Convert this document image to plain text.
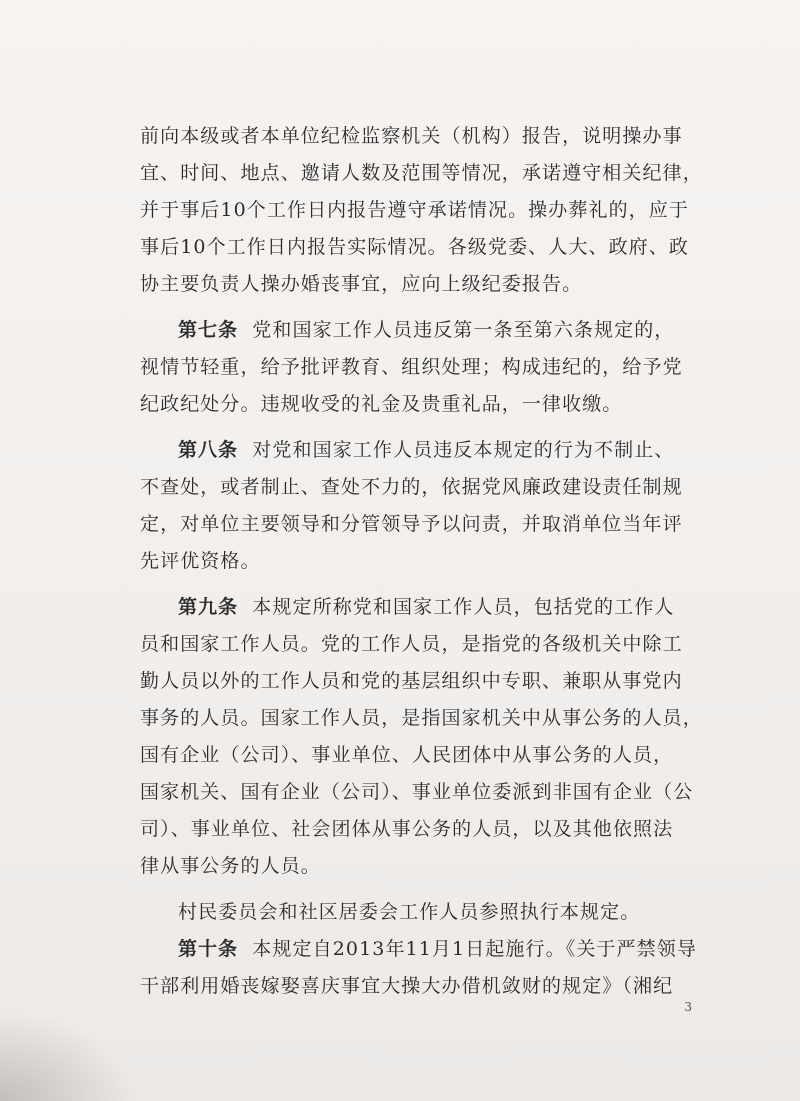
前向本级或者本单位纪检监察机关（机构）报告，说明操办事
宜、时间、地点、邀请人数及范围等情况，承诺遵守相关纪律，
并于事后10个工作日内报告遵守承诺情况。操办葬礼的，应于
事后10个工作日内报告实际情况。各级党委、人大、政府、政
协主要负责人操办婚丧事宜，应向上级纪委报告。
第七条 党和国家工作人员违反第一条至第六条规定的，
视情节轻重，给予批评教育、组织处理；构成违纪的，给予党
纪政纪处分。违规收受的礼金及贵重礼品，一律收缴。
第八条 对党和国家工作人员违反本规定的行为不制止、
不查处，或者制止、查处不力的，依据党风廉政建设责任制规
定，对单位主要领导和分管领导予以问责，并取消单位当年评
先评优资格。
第九条 本规定所称党和国家工作人员，包括党的工作人
员和国家工作人员。党的工作人员，是指党的各级机关中除工
勤人员以外的工作人员和党的基层组织中专职、兼职从事党内
事务的人员。国家工作人员，是指国家机关中从事公务的人员，
国有企业（公司）、事业单位、人民团体中从事公务的人员，
国家机关、国有企业（公司）、事业单位委派到非国有企业（公
司）、事业单位、社会团体从事公务的人员，以及其他依照法
律从事公务的人员。
村民委员会和社区居委会工作人员参照执行本规定。
第十条 本规定自2013年11月1日起施行。《关于严禁领导
干部利用婚丧嫁娶喜庆事宜大操大办借机敛财的规定》（湘纪
3
